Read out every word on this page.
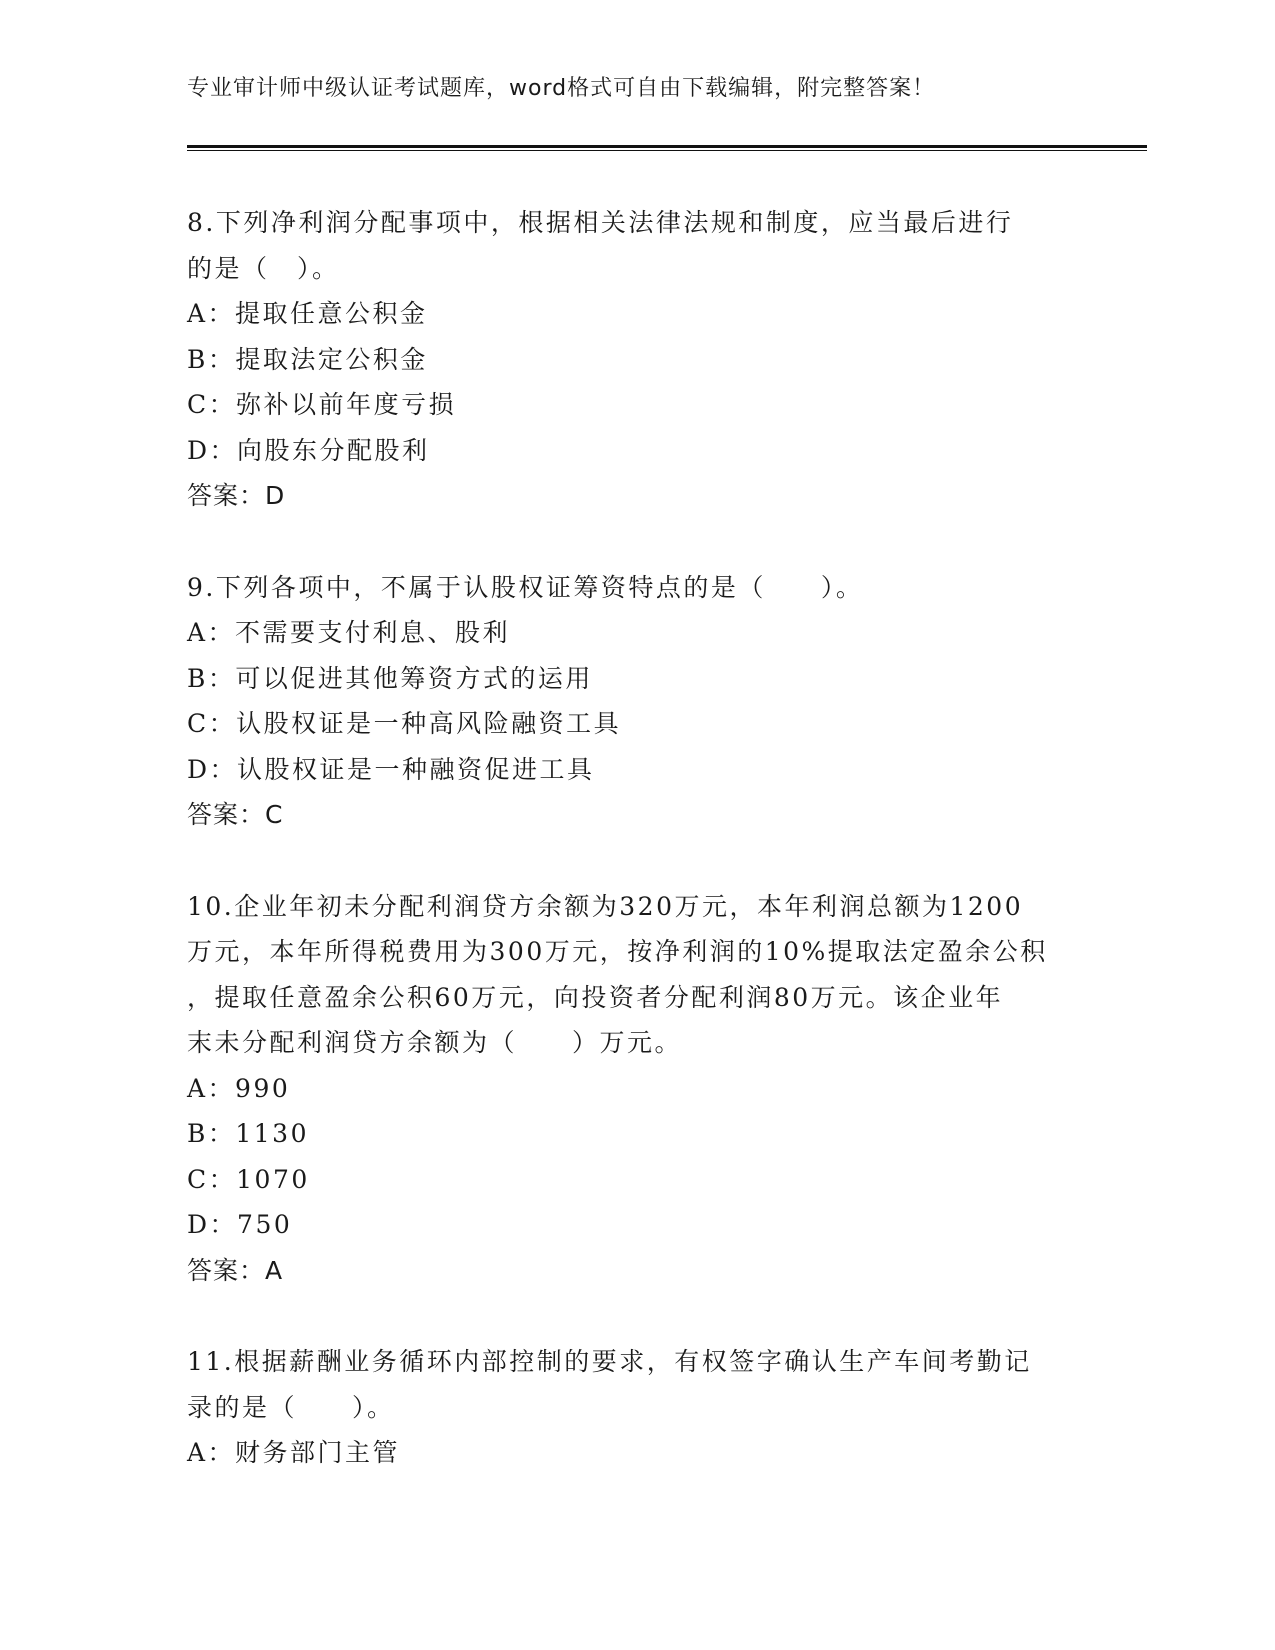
专业审计师中级认证考试题库，word格式可自由下载编辑，附完整答案！
8.下列净利润分配事项中，根据相关法律法规和制度，应当最后进行
的是（　）。
A：提取任意公积金
B：提取法定公积金
C：弥补以前年度亏损
D：向股东分配股利
答案：D
9.下列各项中，不属于认股权证筹资特点的是（　　）。
A：不需要支付利息、股利
B：可以促进其他筹资方式的运用
C：认股权证是一种高风险融资工具
D：认股权证是一种融资促进工具
答案：C
10.企业年初未分配利润贷方余额为320万元，本年利润总额为1200
万元，本年所得税费用为300万元，按净利润的10%提取法定盈余公积
，提取任意盈余公积60万元，向投资者分配利润80万元。该企业年
末未分配利润贷方余额为（　　）万元。
A：990
B：1130
C：1070
D：750
答案：A
11.根据薪酬业务循环内部控制的要求，有权签字确认生产车间考勤记
录的是（　　）。
A：财务部门主管
